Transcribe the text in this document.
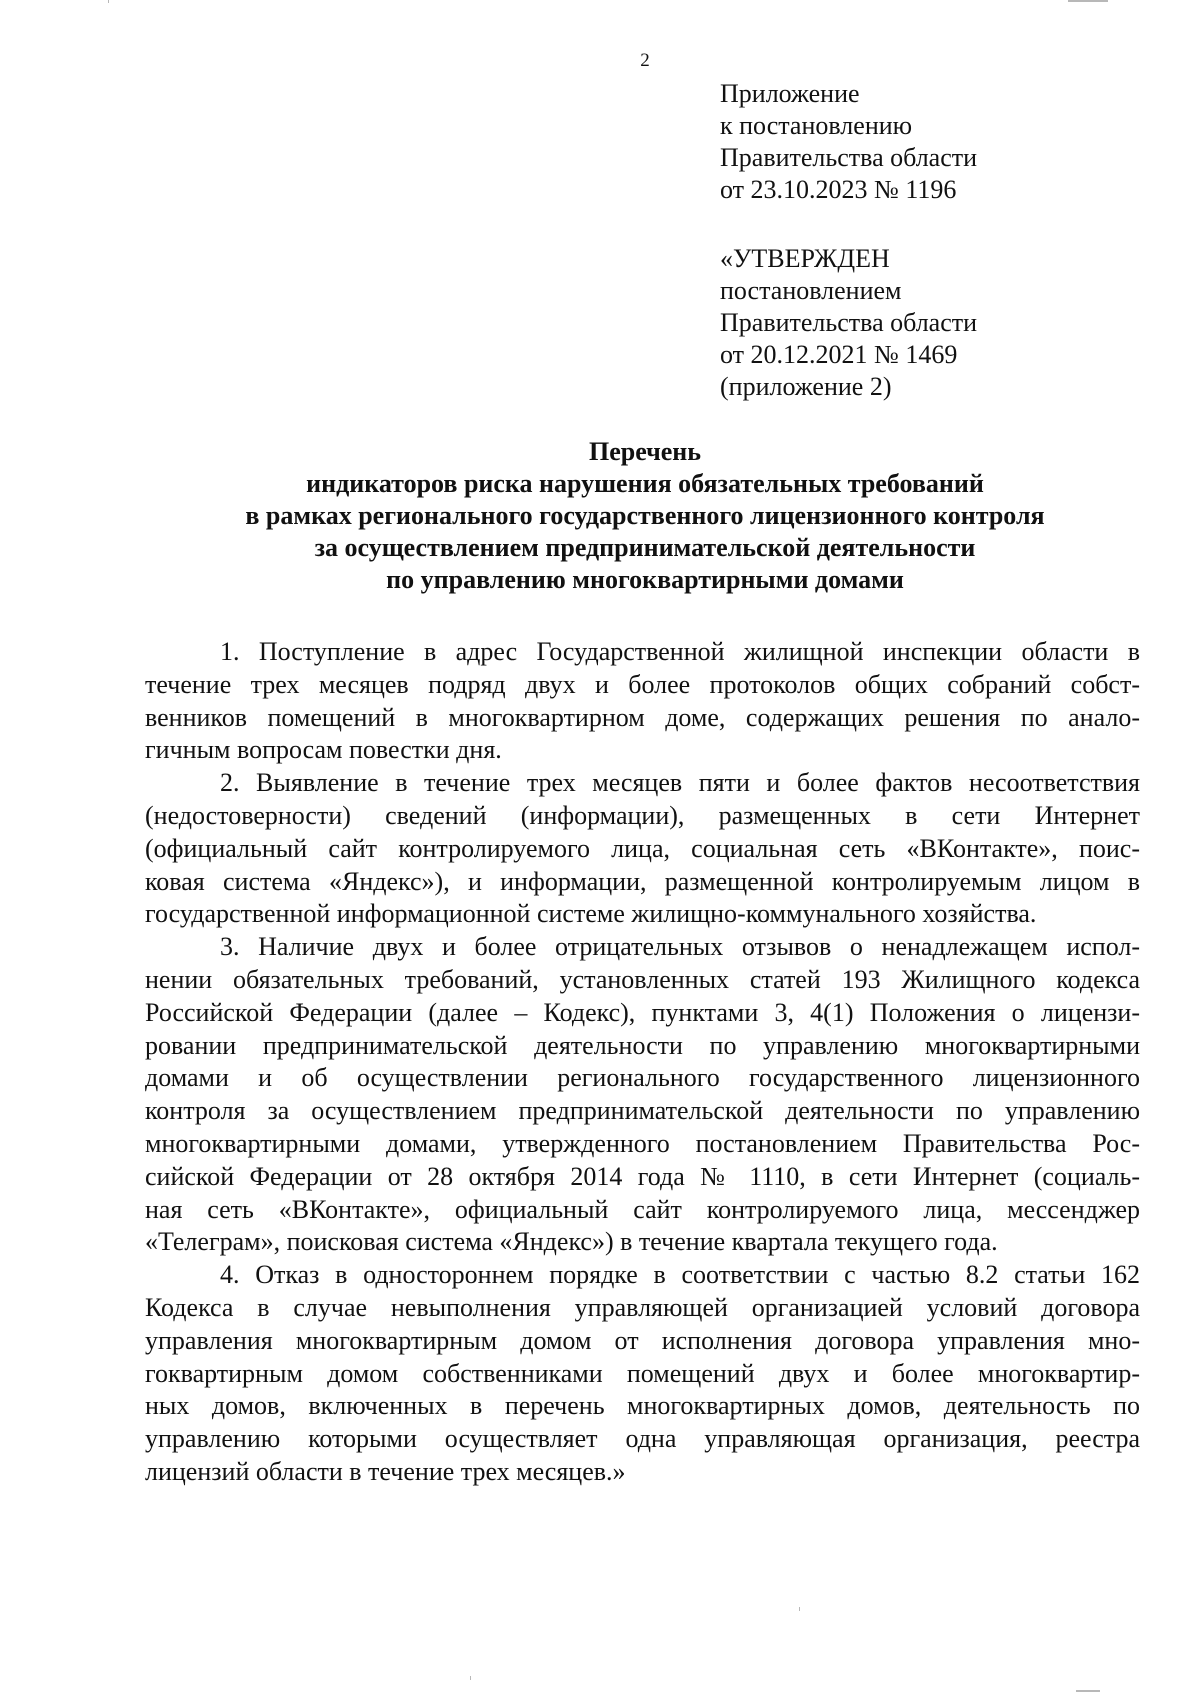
2
Приложение
к постановлению
Правительства области
от 23.10.2023 № 1196
«УТВЕРЖДЕН
постановлением
Правительства области
от 20.12.2021 № 1469
(приложение 2)
Перечень
индикаторов риска нарушения обязательных требований
в рамках регионального государственного лицензионного контроля
за осуществлением предпринимательской деятельности
по управлению многоквартирными домами
1. Поступление в адрес Государственной жилищной инспекции области в
течение трех месяцев подряд двух и более протоколов общих собраний собст-
венников помещений в многоквартирном доме, содержащих решения по анало-
гичным вопросам повестки дня.
2. Выявление в течение трех месяцев пяти и более фактов несоответствия
(недостоверности) сведений (информации), размещенных в сети Интернет
(официальный сайт контролируемого лица, социальная сеть «ВКонтакте», поис-
ковая система «Яндекс»), и информации, размещенной контролируемым лицом в
государственной информационной системе жилищно-коммунального хозяйства.
3. Наличие двух и более отрицательных отзывов о ненадлежащем испол-
нении обязательных требований, установленных статей 193 Жилищного кодекса
Российской Федерации (далее – Кодекс), пунктами 3, 4(1) Положения о лицензи-
ровании предпринимательской деятельности по управлению многоквартирными
домами и об осуществлении регионального государственного лицензионного
контроля за осуществлением предпринимательской деятельности по управлению
многоквартирными домами, утвержденного постановлением Правительства Рос-
сийской Федерации от 28 октября 2014 года № 1110, в сети Интернет (социаль-
ная сеть «ВКонтакте», официальный сайт контролируемого лица, мессенджер
«Телеграм», поисковая система «Яндекс») в течение квартала текущего года.
4. Отказ в одностороннем порядке в соответствии с частью 8.2 статьи 162
Кодекса в случае невыполнения управляющей организацией условий договора
управления многоквартирным домом от исполнения договора управления мно-
гоквартирным домом собственниками помещений двух и более многоквартир-
ных домов, включенных в перечень многоквартирных домов, деятельность по
управлению которыми осуществляет одна управляющая организация, реестра
лицензий области в течение трех месяцев.»
